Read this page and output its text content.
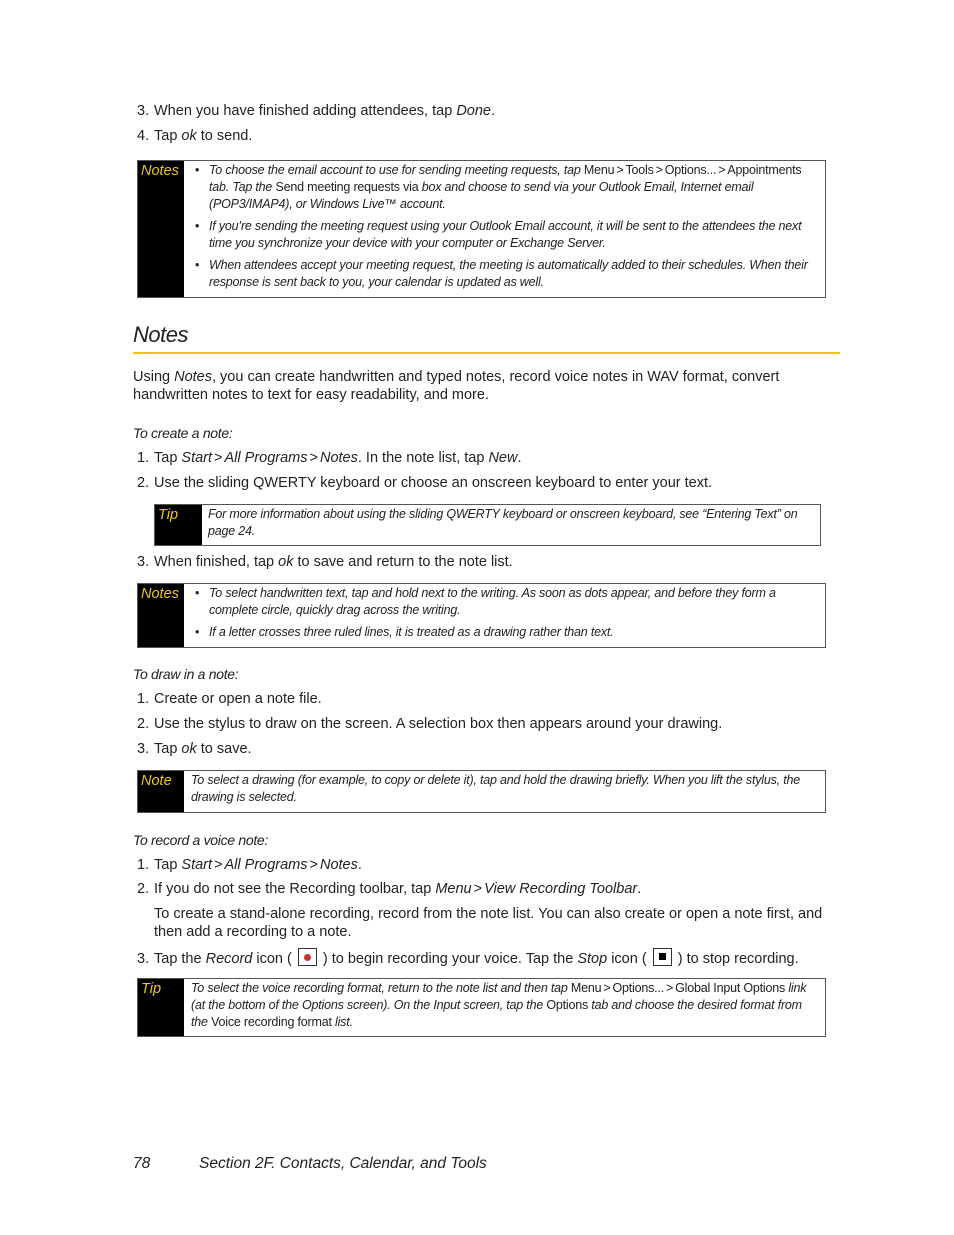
3. When you have finished adding attendees, tap Done.
4. Tap ok to send.
Notes	• To choose the email account to use for sending meeting requests, tap Menu > Tools > Options... > Appointments tab. Tap the Send meeting requests via box and choose to send via your Outlook Email, Internet email (POP3/IMAP4), or Windows Live™ account.
• If you’re sending the meeting request using your Outlook Email account, it will be sent to the attendees the next time you synchronize your device with your computer or Exchange Server.
• When attendees accept your meeting request, the meeting is automatically added to their schedules. When their response is sent back to you, your calendar is updated as well.
Notes
Using Notes, you can create handwritten and typed notes, record voice notes in WAV format, convert handwritten notes to text for easy readability, and more.
To create a note:
1. Tap Start > All Programs > Notes. In the note list, tap New.
2. Use the sliding QWERTY keyboard or choose an onscreen keyboard to enter your text.
Tip	For more information about using the sliding QWERTY keyboard or onscreen keyboard, see “Entering Text” on page 24.
3. When finished, tap ok to save and return to the note list.
Notes	• To select handwritten text, tap and hold next to the writing. As soon as dots appear, and before they form a complete circle, quickly drag across the writing.
• If a letter crosses three ruled lines, it is treated as a drawing rather than text.
To draw in a note:
1. Create or open a note file.
2. Use the stylus to draw on the screen. A selection box then appears around your drawing.
3. Tap ok to save.
Note	To select a drawing (for example, to copy or delete it), tap and hold the drawing briefly. When you lift the stylus, the drawing is selected.
To record a voice note:
1. Tap Start > All Programs > Notes.
2. If you do not see the Recording toolbar, tap Menu > View Recording Toolbar.
To create a stand-alone recording, record from the note list. You can also create or open a note first, and then add a recording to a note.
3. Tap the Record icon (
) to begin recording your voice. Tap the Stop icon (
) to stop recording.
Tip	To select the voice recording format, return to the note list and then tap Menu > Options... > Global Input Options link (at the bottom of the Options screen). On the Input screen, tap the Options tab and choose the desired format from the Voice recording format list.
78	Section 2F. Contacts, Calendar, and Tools
